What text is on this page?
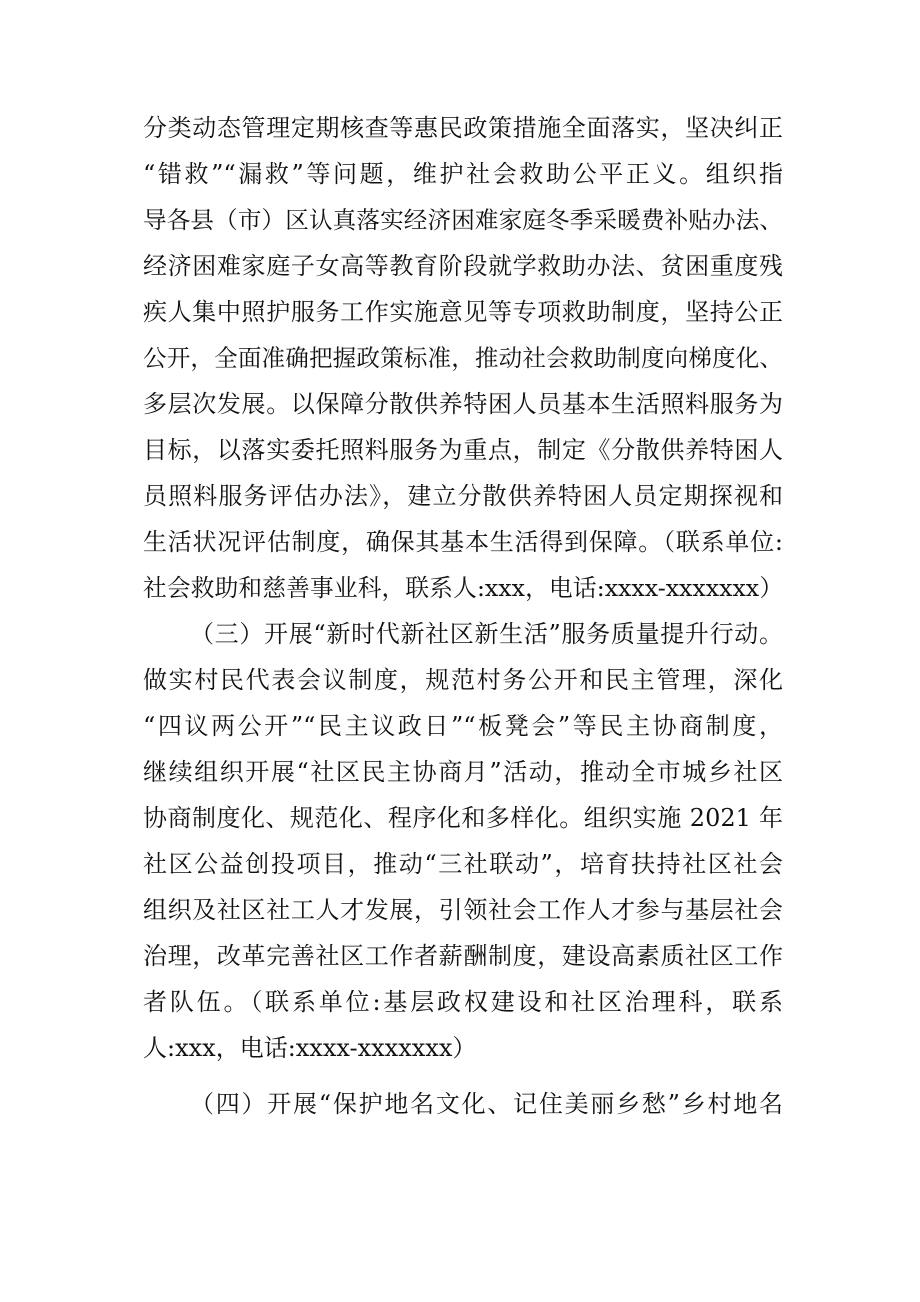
分类动态管理定期核查等惠民政策措施全面落实，坚决纠正
“错救”“漏救”等问题，维护社会救助公平正义。组织指
导各县（市）区认真落实经济困难家庭冬季采暖费补贴办法、
经济困难家庭子女高等教育阶段就学救助办法、贫困重度残
疾人集中照护服务工作实施意见等专项救助制度，坚持公正
公开，全面准确把握政策标准，推动社会救助制度向梯度化、
多层次发展。以保障分散供养特困人员基本生活照料服务为
目标，以落实委托照料服务为重点，制定《分散供养特困人
员照料服务评估办法》，建立分散供养特困人员定期探视和
生活状况评估制度，确保其基本生活得到保障。（联系单位:
社会救助和慈善事业科，联系人:xxx，电话:xxxx-xxxxxxx）
（三）开展“新时代新社区新生活”服务质量提升行动。
做实村民代表会议制度，规范村务公开和民主管理，深化
“四议两公开”“民主议政日”“板凳会”等民主协商制度，
继续组织开展“社区民主协商月”活动，推动全市城乡社区
协商制度化、规范化、程序化和多样化。组织实施 2021 年
社区公益创投项目，推动“三社联动”，培育扶持社区社会
组织及社区社工人才发展，引领社会工作人才参与基层社会
治理，改革完善社区工作者薪酬制度，建设高素质社区工作
者队伍。（联系单位:基层政权建设和社区治理科，联系
人:xxx，电话:xxxx-xxxxxxx）
（四）开展“保护地名文化、记住美丽乡愁”乡村地名
